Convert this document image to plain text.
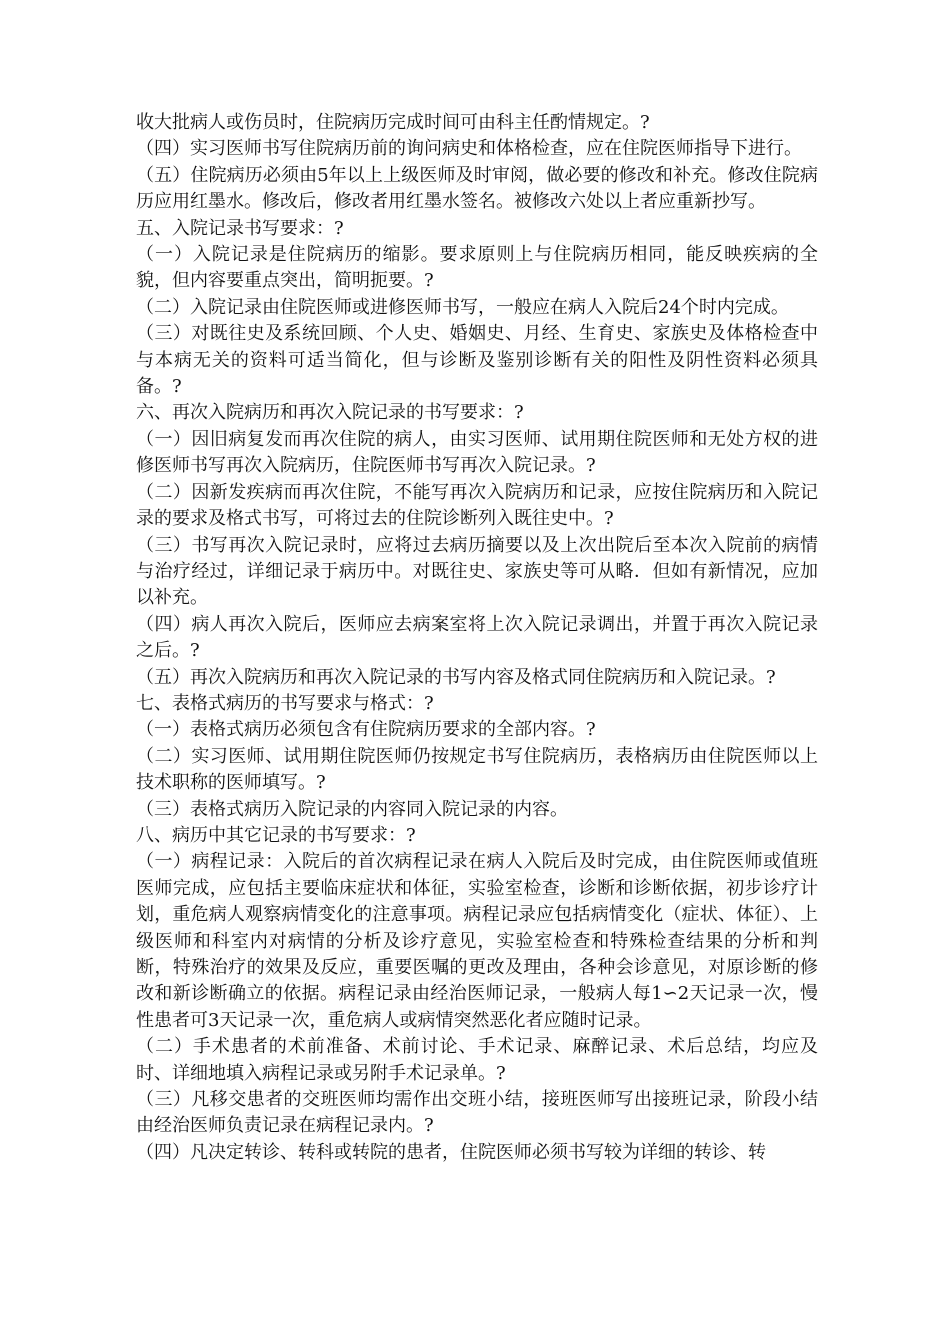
收大批病人或伤员时，住院病历完成时间可由科主任酌情规定。?

（四）实习医师书写住院病历前的询问病史和体格检查，应在住院医师指导下进行。

（五）住院病历必须由5年以上上级医师及时审阅，做必要的修改和补充。修改住院病历应用红墨水。修改后，修改者用红墨水签名。被修改六处以上者应重新抄写。

五、入院记录书写要求：?

（一）入院记录是住院病历的缩影。要求原则上与住院病历相同，能反映疾病的全貌，但内容要重点突出，简明扼要。?

（二）入院记录由住院医师或进修医师书写，一般应在病人入院后24个时内完成。

（三）对既往史及系统回顾、个人史、婚姻史、月经、生育史、家族史及体格检查中与本病无关的资料可适当简化，但与诊断及鉴别诊断有关的阳性及阴性资料必须具备。?

六、再次入院病历和再次入院记录的书写要求：?

（一）因旧病复发而再次住院的病人，由实习医师、试用期住院医师和无处方权的进修医师书写再次入院病历，住院医师书写再次入院记录。?

（二）因新发疾病而再次住院，不能写再次入院病历和记录，应按住院病历和入院记录的要求及格式书写，可将过去的住院诊断列入既往史中。?

（三）书写再次入院记录时，应将过去病历摘要以及上次出院后至本次入院前的病情与治疗经过，详细记录于病历中。对既往史、家族史等可从略．但如有新情况，应加以补充。

（四）病人再次入院后，医师应去病案室将上次入院记录调出，并置于再次入院记录之后。?

（五）再次入院病历和再次入院记录的书写内容及格式同住院病历和入院记录。?

七、表格式病历的书写要求与格式：?

（一）表格式病历必须包含有住院病历要求的全部内容。?

（二）实习医师、试用期住院医师仍按规定书写住院病历，表格病历由住院医师以上技术职称的医师填写。?

（三）表格式病历入院记录的内容同入院记录的内容。

八、病历中其它记录的书写要求：?

（一）病程记录：入院后的首次病程记录在病人入院后及时完成，由住院医师或值班医师完成，应包括主要临床症状和体征，实验室检查，诊断和诊断依据，初步诊疗计划，重危病人观察病情变化的注意事项。病程记录应包括病情变化（症状、体征）、上级医师和科室内对病情的分析及诊疗意见，实验室检查和特殊检查结果的分析和判断，特殊治疗的效果及反应，重要医嘱的更改及理由，各种会诊意见，对原诊断的修改和新诊断确立的依据。病程记录由经治医师记录，一般病人每1∽2天记录一次，慢性患者可3天记录一次，重危病人或病情突然恶化者应随时记录。

（二）手术患者的术前准备、术前讨论、手术记录、麻醉记录、术后总结，均应及时、详细地填入病程记录或另附手术记录单。?

（三）凡移交患者的交班医师均需作出交班小结，接班医师写出接班记录，阶段小结由经治医师负责记录在病程记录内。?

（四）凡决定转诊、转科或转院的患者，住院医师必须书写较为详细的转诊、转
